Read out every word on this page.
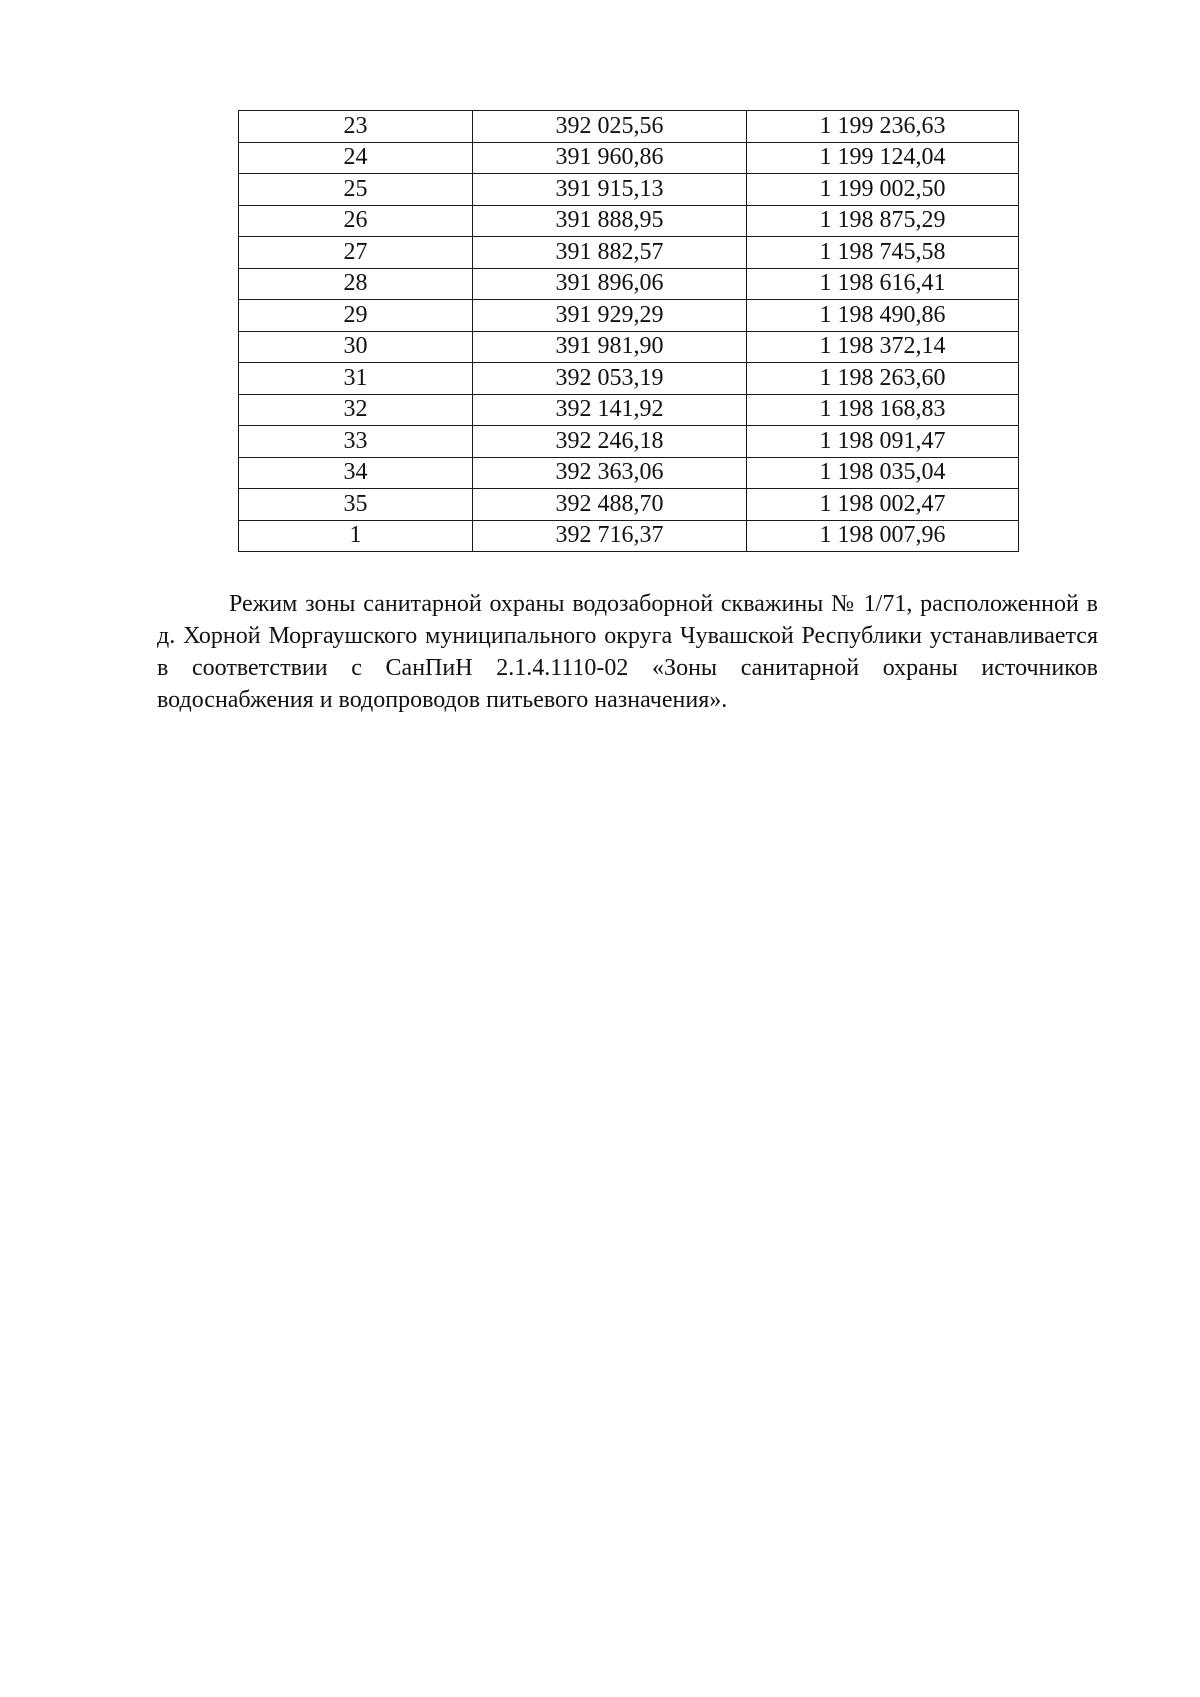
23	392 025,56	1 199 236,63
24	391 960,86	1 199 124,04
25	391 915,13	1 199 002,50
26	391 888,95	1 198 875,29
27	391 882,57	1 198 745,58
28	391 896,06	1 198 616,41
29	391 929,29	1 198 490,86
30	391 981,90	1 198 372,14
31	392 053,19	1 198 263,60
32	392 141,92	1 198 168,83
33	392 246,18	1 198 091,47
34	392 363,06	1 198 035,04
35	392 488,70	1 198 002,47
1	392 716,37	1 198 007,96

Режим зоны санитарной охраны водозаборной скважины № 1/71, расположенной в д. Хорной Моргаушского муниципального округа Чувашской Республики устанавливается в соответствии с СанПиН 2.1.4.1110-02 «Зоны санитарной охраны источников водоснабжения и водопроводов питьевого назначения».
